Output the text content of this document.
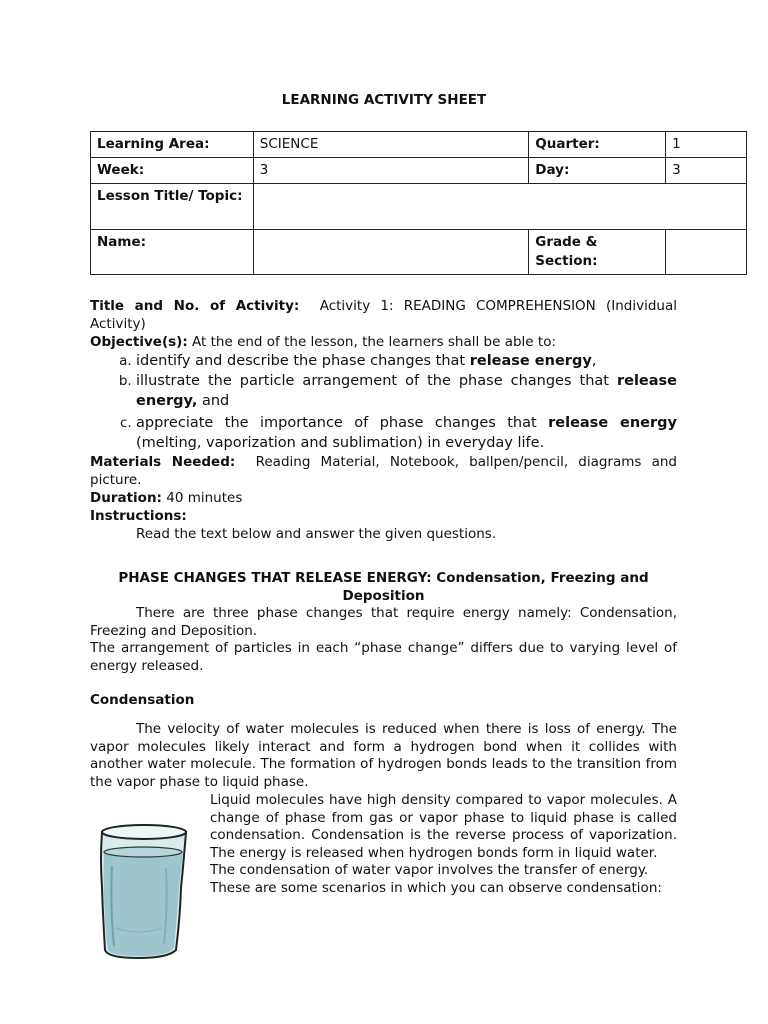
LEARNING ACTIVITY SHEET
Learning Area:	SCIENCE	Quarter:	1
Week:	3	Day:	3
Lesson Title/ Topic:			
Name:		Grade & Section:	

Title and No. of Activity: Activity 1: READING COMPREHENSION (Individual Activity)

Objective(s): At the end of the lesson, the learners shall be able to:

a. identify and describe the phase changes that release energy,
b. illustrate the particle arrangement of the phase changes that release energy, and
c. appreciate the importance of phase changes that release energy (melting, vaporization and sublimation) in everyday life.

Materials Needed: Reading Material, Notebook, ballpen/pencil, diagrams and picture.

Duration: 40 minutes

Instructions:

Read the text below and answer the given questions.

PHASE CHANGES THAT RELEASE ENERGY: Condensation, Freezing and Deposition

There are three phase changes that require energy namely: Condensation, Freezing and Deposition.

The arrangement of particles in each “phase change” differs due to varying level of energy released.

Condensation

The velocity of water molecules is reduced when there is loss of energy. The vapor molecules likely interact and form a hydrogen bond when it collides with another water molecule. The formation of hydrogen bonds leads to the transition from the vapor phase to liquid phase.

Liquid molecules have high density compared to vapor molecules. A change of phase from gas or vapor phase to liquid phase is called condensation. Condensation is the reverse process of vaporization. The energy is released when hydrogen bonds form in liquid water.

The condensation of water vapor involves the transfer of energy.

These are some scenarios in which you can observe condensation:
